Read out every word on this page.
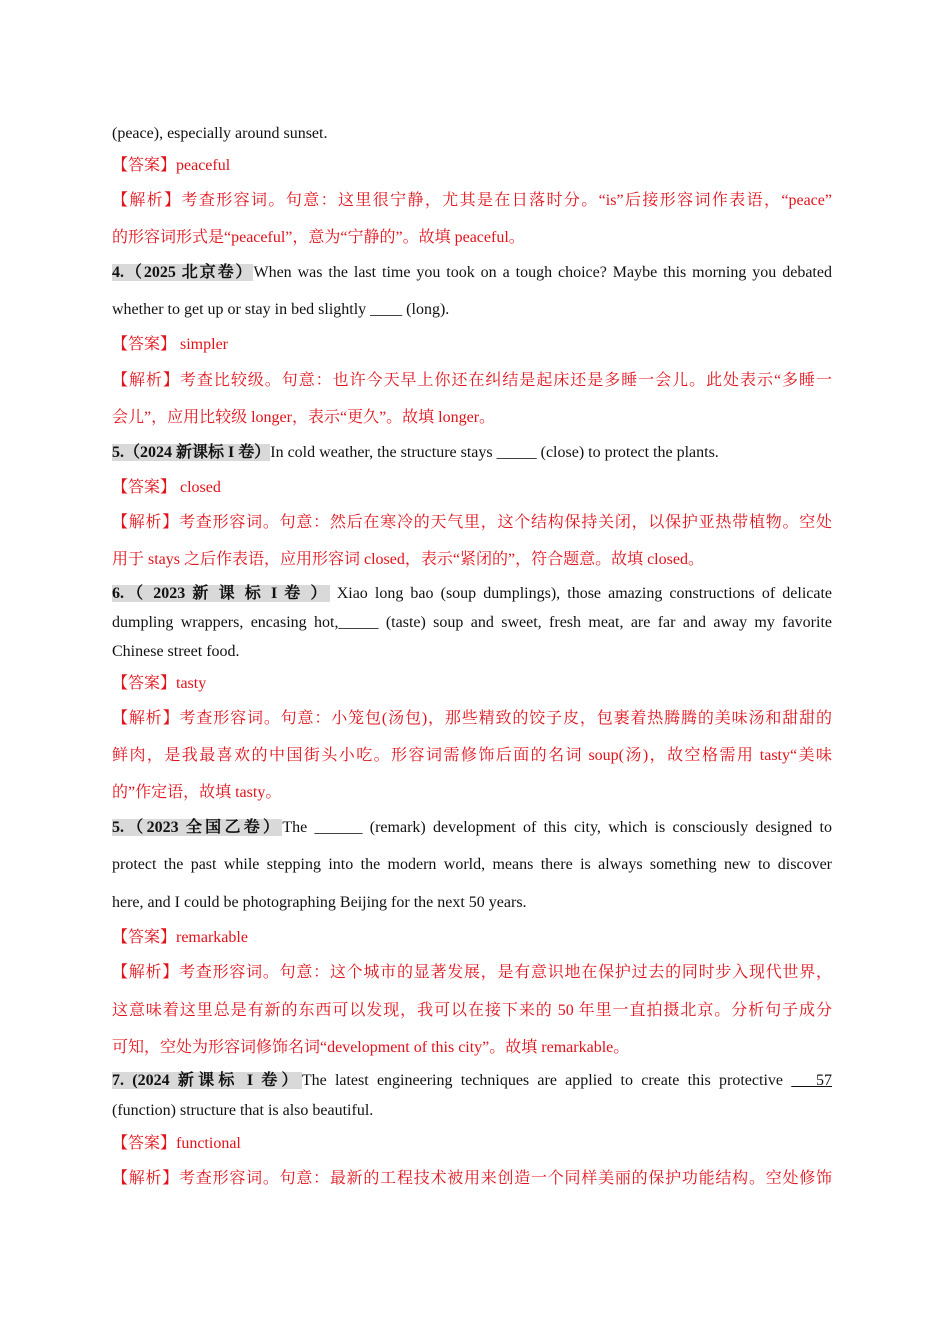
(peace), especially around sunset.
【答案】peaceful
【解析】考查形容词。句意：这里很宁静，尤其是在日落时分。“is”后接形容词作表语，“peace”
的形容词形式是“peaceful”，意为“宁静的”。故填 peaceful。
4.（2025 北京卷）When was the last time you took on a tough choice? Maybe this morning you debated
whether to get up or stay in bed slightly ____ (long).
【答案】 simpler
【解析】考查比较级。句意：也许今天早上你还在纠结是起床还是多睡一会儿。此处表示“多睡一
会儿”，应用比较级 longer，表示“更久”。故填 longer。
5.（2024 新课标 I 卷）In cold weather, the structure stays _____ (close) to protect the plants.
【答案】 closed
【解析】考查形容词。句意：然后在寒冷的天气里，这个结构保持关闭，以保护亚热带植物。空处
用于 stays 之后作表语，应用形容词 closed，表示“紧闭的”，符合题意。故填 closed。
6.（ 2023 新 课 标 I 卷 ） Xiao long bao (soup dumplings), those amazing constructions of delicate
dumpling wrappers, encasing hot,_____ (taste) soup and sweet, fresh meat, are far and away my favorite
Chinese street food.
【答案】tasty
【解析】考查形容词。句意：小笼包(汤包)，那些精致的饺子皮，包裹着热腾腾的美味汤和甜甜的
鲜肉，是我最喜欢的中国街头小吃。形容词需修饰后面的名词 soup(汤)，故空格需用 tasty“美味
的”作定语，故填 tasty。
5.（2023 全国乙卷）The ______ (remark) development of this city, which is consciously designed to
protect the past while stepping into the modern world, means there is always something new to discover
here, and I could be photographing Beijing for the next 50 years.
【答案】remarkable
【解析】考查形容词。句意：这个城市的显著发展，是有意识地在保护过去的同时步入现代世界，
这意味着这里总是有新的东西可以发现，我可以在接下来的 50 年里一直拍摄北京。分析句子成分
可知，空处为形容词修饰名词“development of this city”。故填 remarkable。
7. (2024 新课标 I 卷）The latest engineering techniques are applied to create this protective    57
(function) structure that is also beautiful.
【答案】functional
【解析】考查形容词。句意：最新的工程技术被用来创造一个同样美丽的保护功能结构。空处修饰
